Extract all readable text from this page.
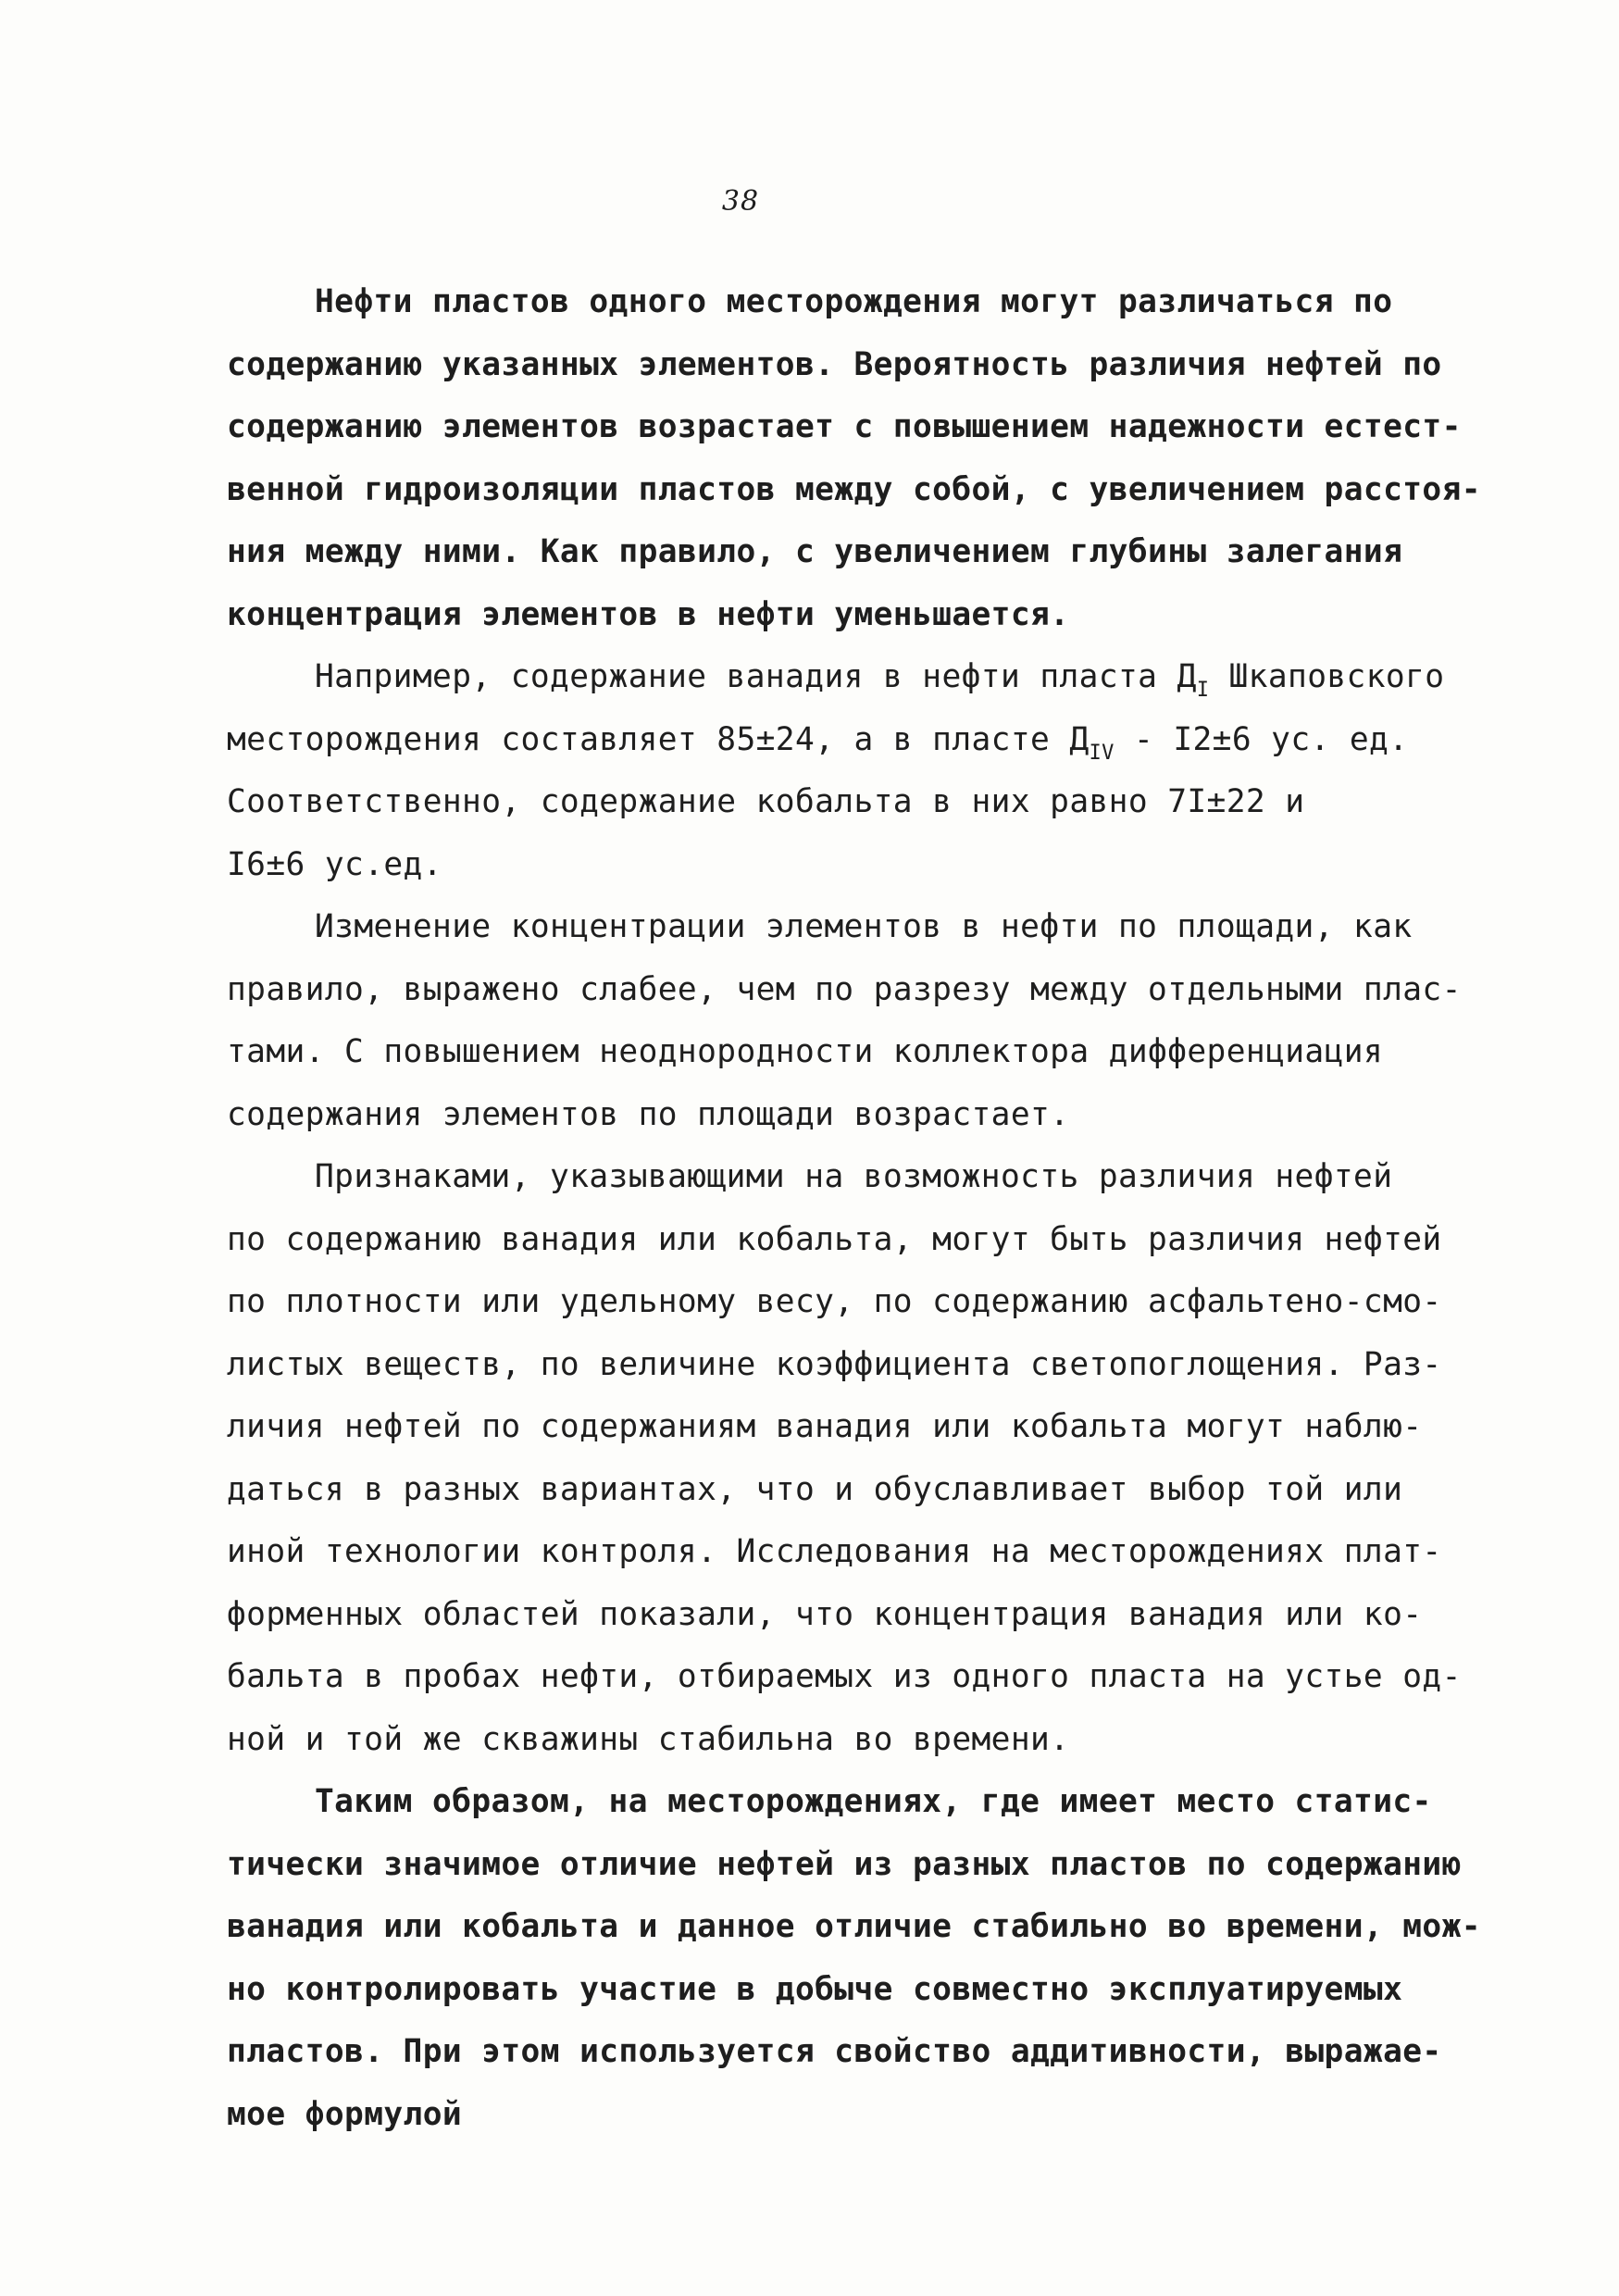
38
Нефти пластов одного месторождения могут различаться по
содержанию указанных элементов. Вероятность различия нефтей по
содержанию элементов возрастает с повышением надежности естест-
венной гидроизоляции пластов между собой, с увеличением расстоя-
ния между ними. Как правило, с увеличением глубины залегания
концентрация элементов в нефти уменьшается.
Например, содержание ванадия в нефти пласта $Д_I$ Шкаповского
месторождения составляет 85±24, а в пласте $Д_{IV} - I2\pm 6$ ус. ед.
Соответственно, содержание кобальта в них равно 7I±22 и
I6±6 ус.ед.
Изменение концентрации элементов в нефти по площади, как
правило, выражено слабее, чем по разрезу между отдельными плас-
тами. С повышением неоднородности коллектора дифференциация
содержания элементов по площади возрастает.
Признаками, указывающими на возможность различия нефтей
по содержанию ванадия или кобальта, могут быть различия нефтей
по плотности или удельному весу, по содержанию асфальтено-смо-
листых веществ, по величине коэффициента светопоглощения. Раз-
личия нефтей по содержаниям ванадия или кобальта могут наблю-
даться в разных вариантах, что и обуславливает выбор той или
иной технологии контроля. Исследования на месторождениях плат-
форменных областей показали, что концентрация ванадия или ко-
бальта в пробах нефти, отбираемых из одного пласта на устье од-
ной и той же скважины стабильна во времени.
Таким образом, на месторождениях, где имеет место статис-
тически значимое отличие нефтей из разных пластов по содержанию
ванадия или кобальта и данное отличие стабильно во времени, мож-
но контролировать участие в добыче совместно эксплуатируемых
пластов. При этом используется свойство аддитивности, выражае-
мое формулой
